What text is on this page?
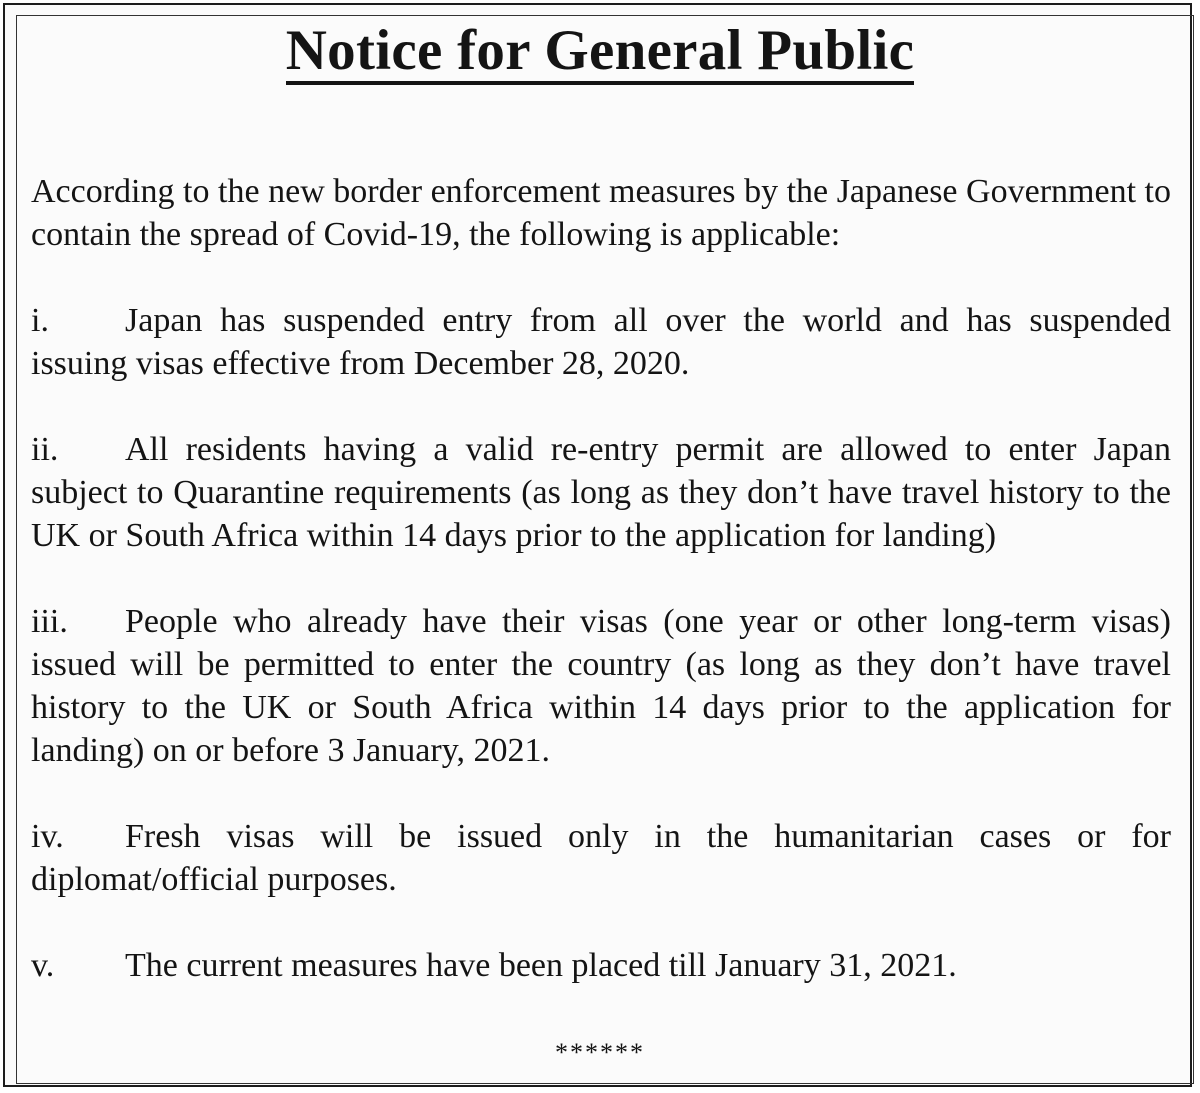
Notice for General Public

According to the new border enforcement measures by the Japanese Government to contain the spread of Covid-19, the following is applicable:

i. Japan has suspended entry from all over the world and has suspended issuing visas effective from December 28, 2020.

ii. All residents having a valid re-entry permit are allowed to enter Japan subject to Quarantine requirements (as long as they don’t have travel history to the UK or South Africa within 14 days prior to the application for landing)

iii. People who already have their visas (one year or other long-term visas) issued will be permitted to enter the country (as long as they don’t have travel history to the UK or South Africa within 14 days prior to the application for landing) on or before 3 January, 2021.

iv. Fresh visas will be issued only in the humanitarian cases or for diplomat/official purposes.

v. The current measures have been placed till January 31, 2021.

******
